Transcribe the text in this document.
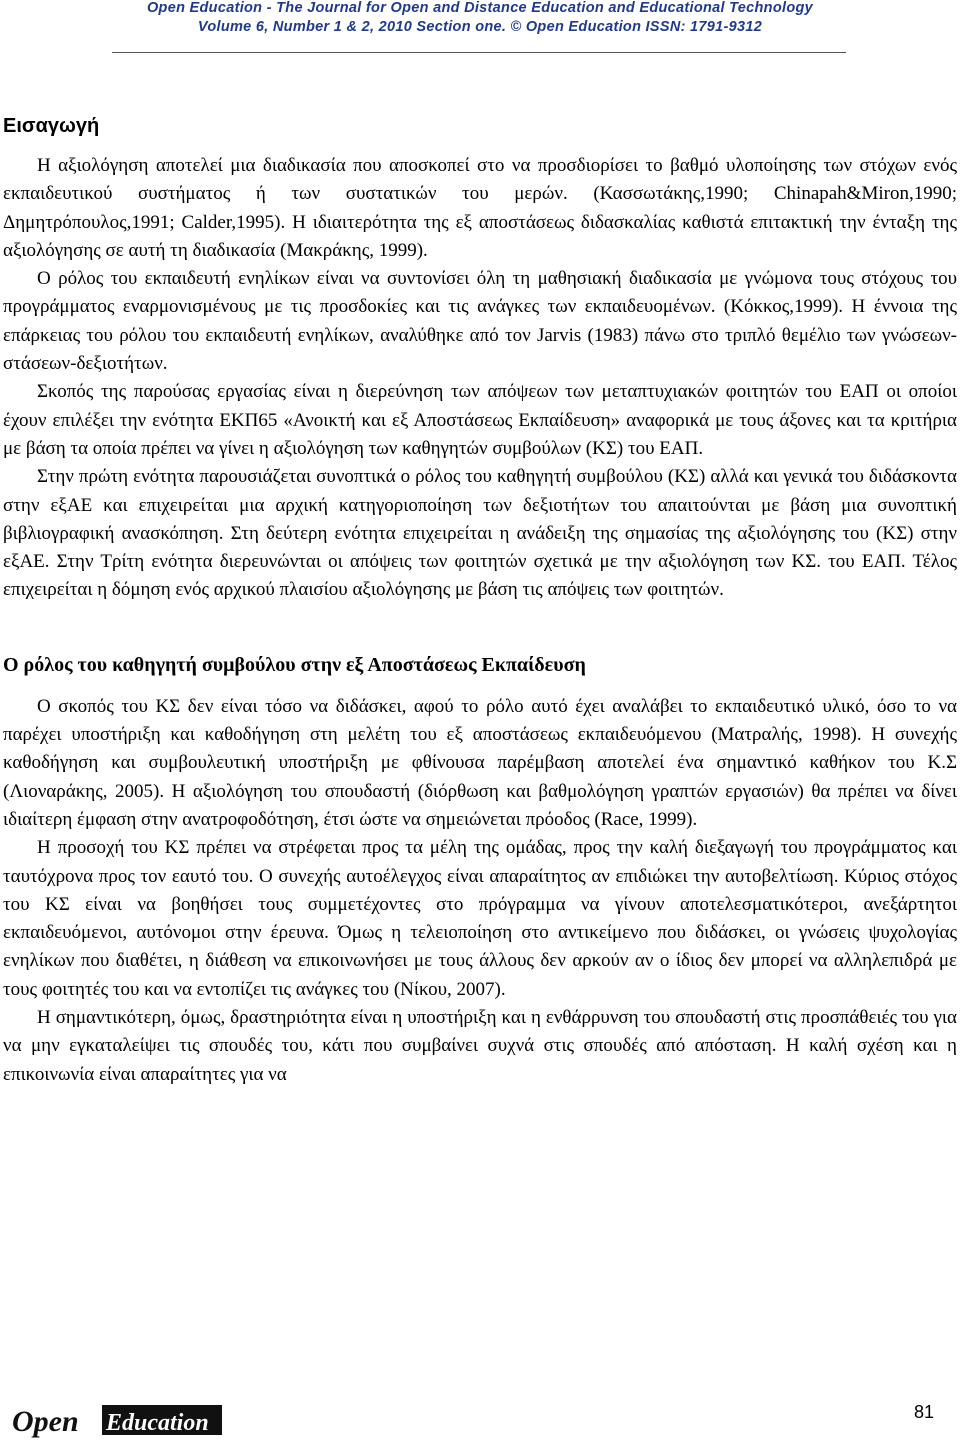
Open Education - The Journal for Open and Distance Education and Educational Technology
Volume 6, Number 1 & 2, 2010 Section one. © Open Education ISSN: 1791-9312
Εισαγωγή

Η αξιολόγηση αποτελεί μια διαδικασία που αποσκοπεί στο να προσδιορίσει το βαθμό υλοποίησης των στόχων ενός εκπαιδευτικού συστήματος ή των συστατικών του μερών. (Κασσωτάκης,1990; Chinapah&Miron,1990; Δημητρόπουλος,1991; Calder,1995). Η ιδιαιτερότητα της εξ αποστάσεως διδασκαλίας καθιστά επιτακτική την ένταξη της αξιολόγησης σε αυτή τη διαδικασία (Μακράκης, 1999).

Ο ρόλος του εκπαιδευτή ενηλίκων είναι να συντονίσει όλη τη μαθησιακή διαδικασία με γνώμονα τους στόχους του προγράμματος εναρμονισμένους με τις προσδοκίες και τις ανάγκες των εκπαιδευομένων. (Κόκκος,1999). Η έννοια της επάρκειας του ρόλου του εκπαιδευτή ενηλίκων, αναλύθηκε από τον Jarvis (1983) πάνω στο τριπλό θεμέλιο των γνώσεων-στάσεων-δεξιοτήτων.

Σκοπός της παρούσας εργασίας είναι η διερεύνηση των απόψεων των μεταπτυχιακών φοιτητών του ΕΑΠ οι οποίοι έχουν επιλέξει την ενότητα ΕΚΠ65 «Ανοικτή και εξ Αποστάσεως Εκπαίδευση» αναφορικά με τους άξονες και τα κριτήρια με βάση τα οποία πρέπει να γίνει η αξιολόγηση των καθηγητών συμβούλων (ΚΣ) του ΕΑΠ.

Στην πρώτη ενότητα παρουσιάζεται συνοπτικά ο ρόλος του καθηγητή συμβούλου (ΚΣ) αλλά και γενικά του διδάσκοντα στην εξΑΕ και επιχειρείται μια αρχική κατηγοριοποίηση των δεξιοτήτων του απαιτούνται με βάση μια συνοπτική βιβλιογραφική ανασκόπηση. Στη δεύτερη ενότητα επιχειρείται η ανάδειξη της σημασίας της αξιολόγησης του (ΚΣ) στην εξΑΕ. Στην Τρίτη ενότητα διερευνώνται οι απόψεις των φοιτητών σχετικά με την αξιολόγηση των ΚΣ. του ΕΑΠ. Τέλος επιχειρείται η δόμηση ενός αρχικού πλαισίου αξιολόγησης με βάση τις απόψεις των φοιτητών.

Ο ρόλος του καθηγητή συμβούλου στην εξ Αποστάσεως Εκπαίδευση

Ο σκοπός του ΚΣ δεν είναι τόσο να διδάσκει, αφού το ρόλο αυτό έχει αναλάβει το εκπαιδευτικό υλικό, όσο το να παρέχει υποστήριξη και καθοδήγηση στη μελέτη του εξ αποστάσεως εκπαιδευόμενου (Ματραλής, 1998). Η συνεχής καθοδήγηση και συμβουλευτική υποστήριξη με φθίνουσα παρέμβαση αποτελεί ένα σημαντικό καθήκον του Κ.Σ (Λιοναράκης, 2005). Η αξιολόγηση του σπουδαστή (διόρθωση και βαθμολόγηση γραπτών εργασιών) θα πρέπει να δίνει ιδιαίτερη έμφαση στην ανατροφοδότηση, έτσι ώστε να σημειώνεται πρόοδος (Race, 1999).

Η προσοχή του ΚΣ πρέπει να στρέφεται προς τα μέλη της ομάδας, προς την καλή διεξαγωγή του προγράμματος και ταυτόχρονα προς τον εαυτό του. Ο συνεχής αυτοέλεγχος είναι απαραίτητος αν επιδιώκει την αυτοβελτίωση. Κύριος στόχος του ΚΣ είναι να βοηθήσει τους συμμετέχοντες στο πρόγραμμα να γίνουν αποτελεσματικότεροι, ανεξάρτητοι εκπαιδευόμενοι, αυτόνομοι στην έρευνα. Όμως η τελειοποίηση στο αντικείμενο που διδάσκει, οι γνώσεις ψυχολογίας ενηλίκων που διαθέτει, η διάθεση να επικοινωνήσει με τους άλλους δεν αρκούν αν ο ίδιος δεν μπορεί να αλληλεπιδρά με τους φοιτητές του και να εντοπίζει τις ανάγκες του (Νίκου, 2007).

Η σημαντικότερη, όμως, δραστηριότητα είναι η υποστήριξη και η ενθάρρυνση του σπουδαστή στις προσπάθειές του για να μην εγκαταλείψει τις σπουδές του, κάτι που συμβαίνει συχνά στις σπουδές από απόσταση. Η καλή σχέση και η επικοινωνία είναι απαραίτητες για να

Open Education	81
